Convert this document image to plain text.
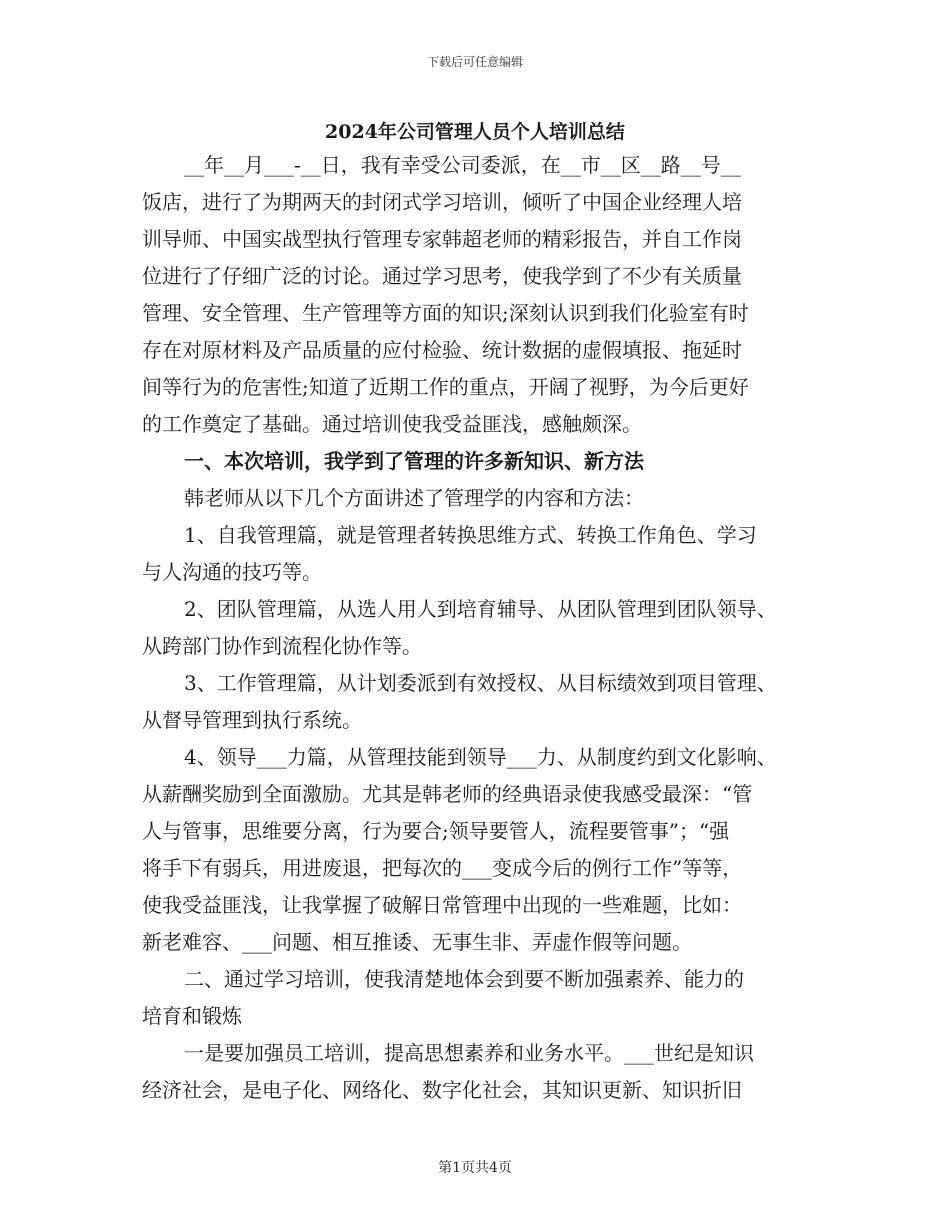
下载后可任意编辑
2024年公司管理人员个人培训总结
__年__月___-__日，我有幸受公司委派，在__市__区__路__号__
饭店，进行了为期两天的封闭式学习培训，倾听了中国企业经理人培
训导师、中国实战型执行管理专家韩超老师的精彩报告，并自工作岗
位进行了仔细广泛的讨论。通过学习思考，使我学到了不少有关质量
管理、安全管理、生产管理等方面的知识;深刻认识到我们化验室有时
存在对原材料及产品质量的应付检验、统计数据的虚假填报、拖延时
间等行为的危害性;知道了近期工作的重点，开阔了视野，为今后更好
的工作奠定了基础。通过培训使我受益匪浅，感触颇深。
一、本次培训，我学到了管理的许多新知识、新方法
韩老师从以下几个方面讲述了管理学的内容和方法：
1、自我管理篇，就是管理者转换思维方式、转换工作角色、学习
与人沟通的技巧等。
2、团队管理篇，从选人用人到培育辅导、从团队管理到团队领导、
从跨部门协作到流程化协作等。
3、工作管理篇，从计划委派到有效授权、从目标绩效到项目管理、
从督导管理到执行系统。
4、领导___力篇，从管理技能到领导___力、从制度约到文化影响、
从薪酬奖励到全面激励。尤其是韩老师的经典语录使我感受最深：“管
人与管事，思维要分离，行为要合;领导要管人，流程要管事”；“强
将手下有弱兵，用进废退，把每次的___变成今后的例行工作”等等，
使我受益匪浅，让我掌握了破解日常管理中出现的一些难题，比如：
新老难容、___问题、相互推诿、无事生非、弄虚作假等问题。
二、通过学习培训，使我清楚地体会到要不断加强素养、能力的
培育和锻炼
一是要加强员工培训，提高思想素养和业务水平。___世纪是知识
经济社会，是电子化、网络化、数字化社会，其知识更新、知识折旧
第1页共4页
